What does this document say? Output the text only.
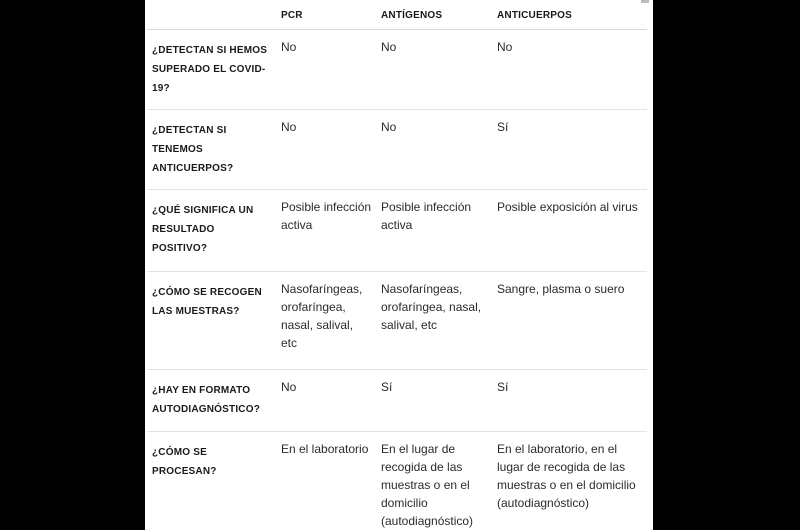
	PCR	ANTÍGENOS	ANTICUERPOS
¿DETECTAN SI HEMOS SUPERADO EL COVID-19?	No	No	No
¿DETECTAN SI TENEMOS ANTICUERPOS?	No	No	Sí
¿QUÉ SIGNIFICA UN RESULTADO POSITIVO?	Posible infección activa	Posible infección activa	Posible exposición al virus
¿CÓMO SE RECOGEN LAS MUESTRAS?	Nasofaríngeas, orofaríngea, nasal, salival, etc	Nasofaríngeas, orofaríngea, nasal, salival, etc	Sangre, plasma o suero
¿HAY EN FORMATO AUTODIAGNÓSTICO?	No	Sí	Sí
¿CÓMO SE PROCESAN?	En el laboratorio	En el lugar de recogida de las muestras o en el domicilio (autodiagnóstico)	En el laboratorio, en el lugar de recogida de las muestras o en el domicilio (autodiagnóstico)
